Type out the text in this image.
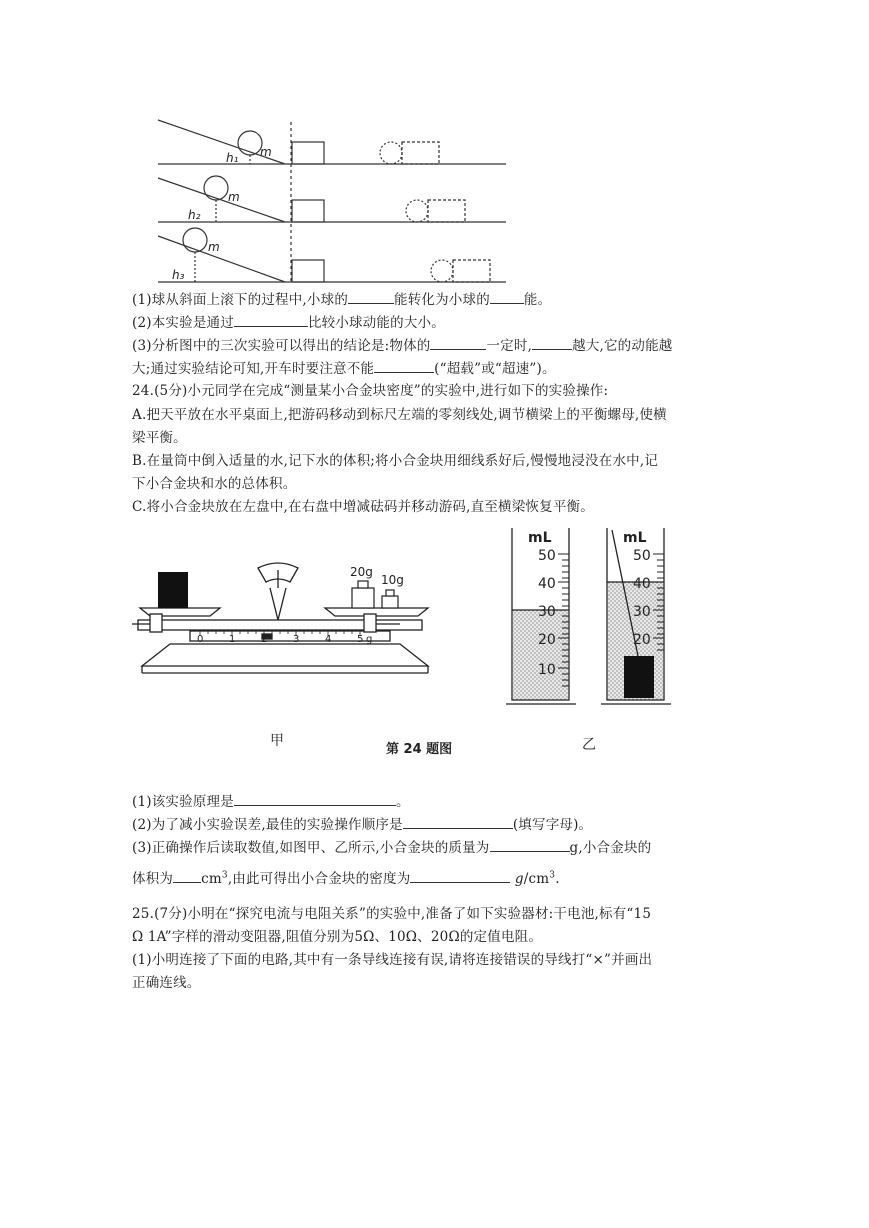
m
m
m
h₁
h₂
h₃
(1)球从斜面上滚下的过程中,小球的	能转化为小球的	能。
(2)本实验是通过	比较小球动能的大小。
(3)分析图中的三次实验可以得出的结论是:物体的	一定时,	越大,它的动能越
大;通过实验结论可知,开车时要注意不能	(“超载”或“超速”)。
24.(5分)小元同学在完成“测量某小合金块密度”的实验中,进行如下的实验操作:
A.把天平放在水平桌面上,把游码移动到标尺左端的零刻线处,调节横梁上的平衡螺母,使横
梁平衡。
B.在量筒中倒入适量的水,记下水的体积;将小合金块用细线系好后,慢慢地浸没在水中,记
下小合金块和水的总体积。
C.将小合金块放在左盘中,在右盘中增减砝码并移动游码,直至横梁恢复平衡。
0	1	2	3	4	5 g
20g
10g
mL
50
40
30
20
10
mL
50
40
30
20
甲
第 24 题图	乙
(1)该实验原理是	。
(2)为了减小实验误差,最佳的实验操作顺序是	(填写字母)。
(3)正确操作后读取数值,如图甲、乙所示,小合金块的质量为	g,小合金块的
体积为 $cm^3$,由此可得出小合金块的密度为	$g/cm^3$.
25.(7分)小明在“探究电流与电阻关系”的实验中,准备了如下实验器材:干电池,标有“15
Ω 1A”字样的滑动变阻器,阻值分别为5Ω、10Ω、20Ω的定值电阻。
(1)小明连接了下面的电路,其中有一条导线连接有误,请将连接错误的导线打“×”并画出
正确连线。
